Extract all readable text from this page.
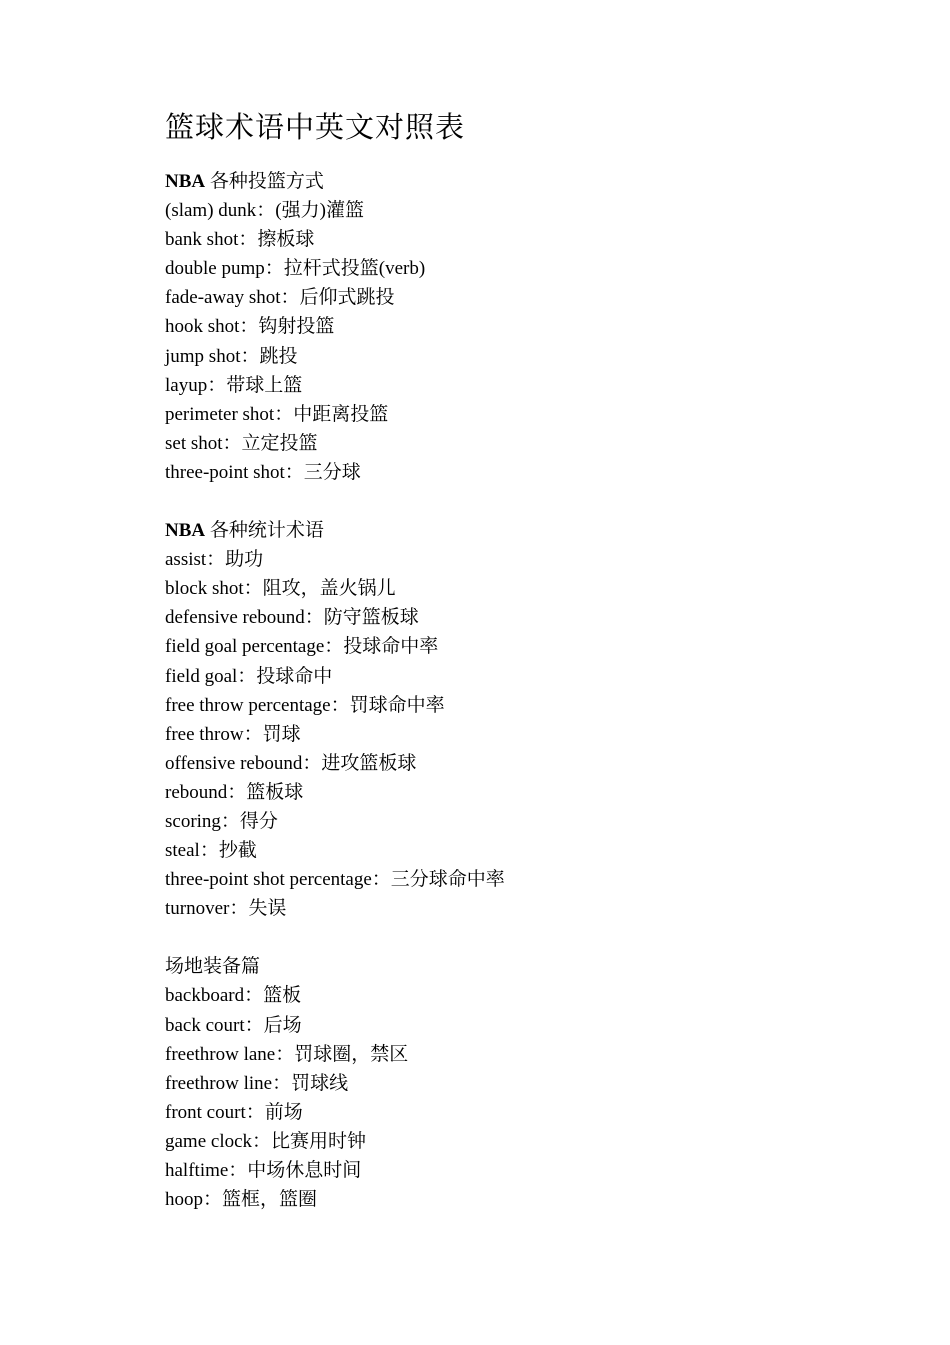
篮球术语中英文对照表
NBA 各种投篮方式
(slam) dunk：(强力)灌篮
bank shot：擦板球
double pump：拉杆式投篮(verb)
fade-away shot：后仰式跳投
hook shot：钩射投篮
jump shot：跳投
layup：带球上篮
perimeter shot：中距离投篮
set shot：立定投篮
three-point shot：三分球
NBA 各种统计术语
assist：助功
block shot：阻攻，盖火锅儿
defensive rebound：防守篮板球
field goal percentage：投球命中率
field goal：投球命中
free throw percentage：罚球命中率
free throw：罚球
offensive rebound：进攻篮板球
rebound：篮板球
scoring：得分
steal：抄截
three-point shot percentage：三分球命中率
turnover：失误
场地装备篇
backboard：篮板
back court：后场
freethrow lane：罚球圈，禁区
freethrow line：罚球线
front court：前场
game clock：比赛用时钟
halftime：中场休息时间
hoop：篮框，篮圈
